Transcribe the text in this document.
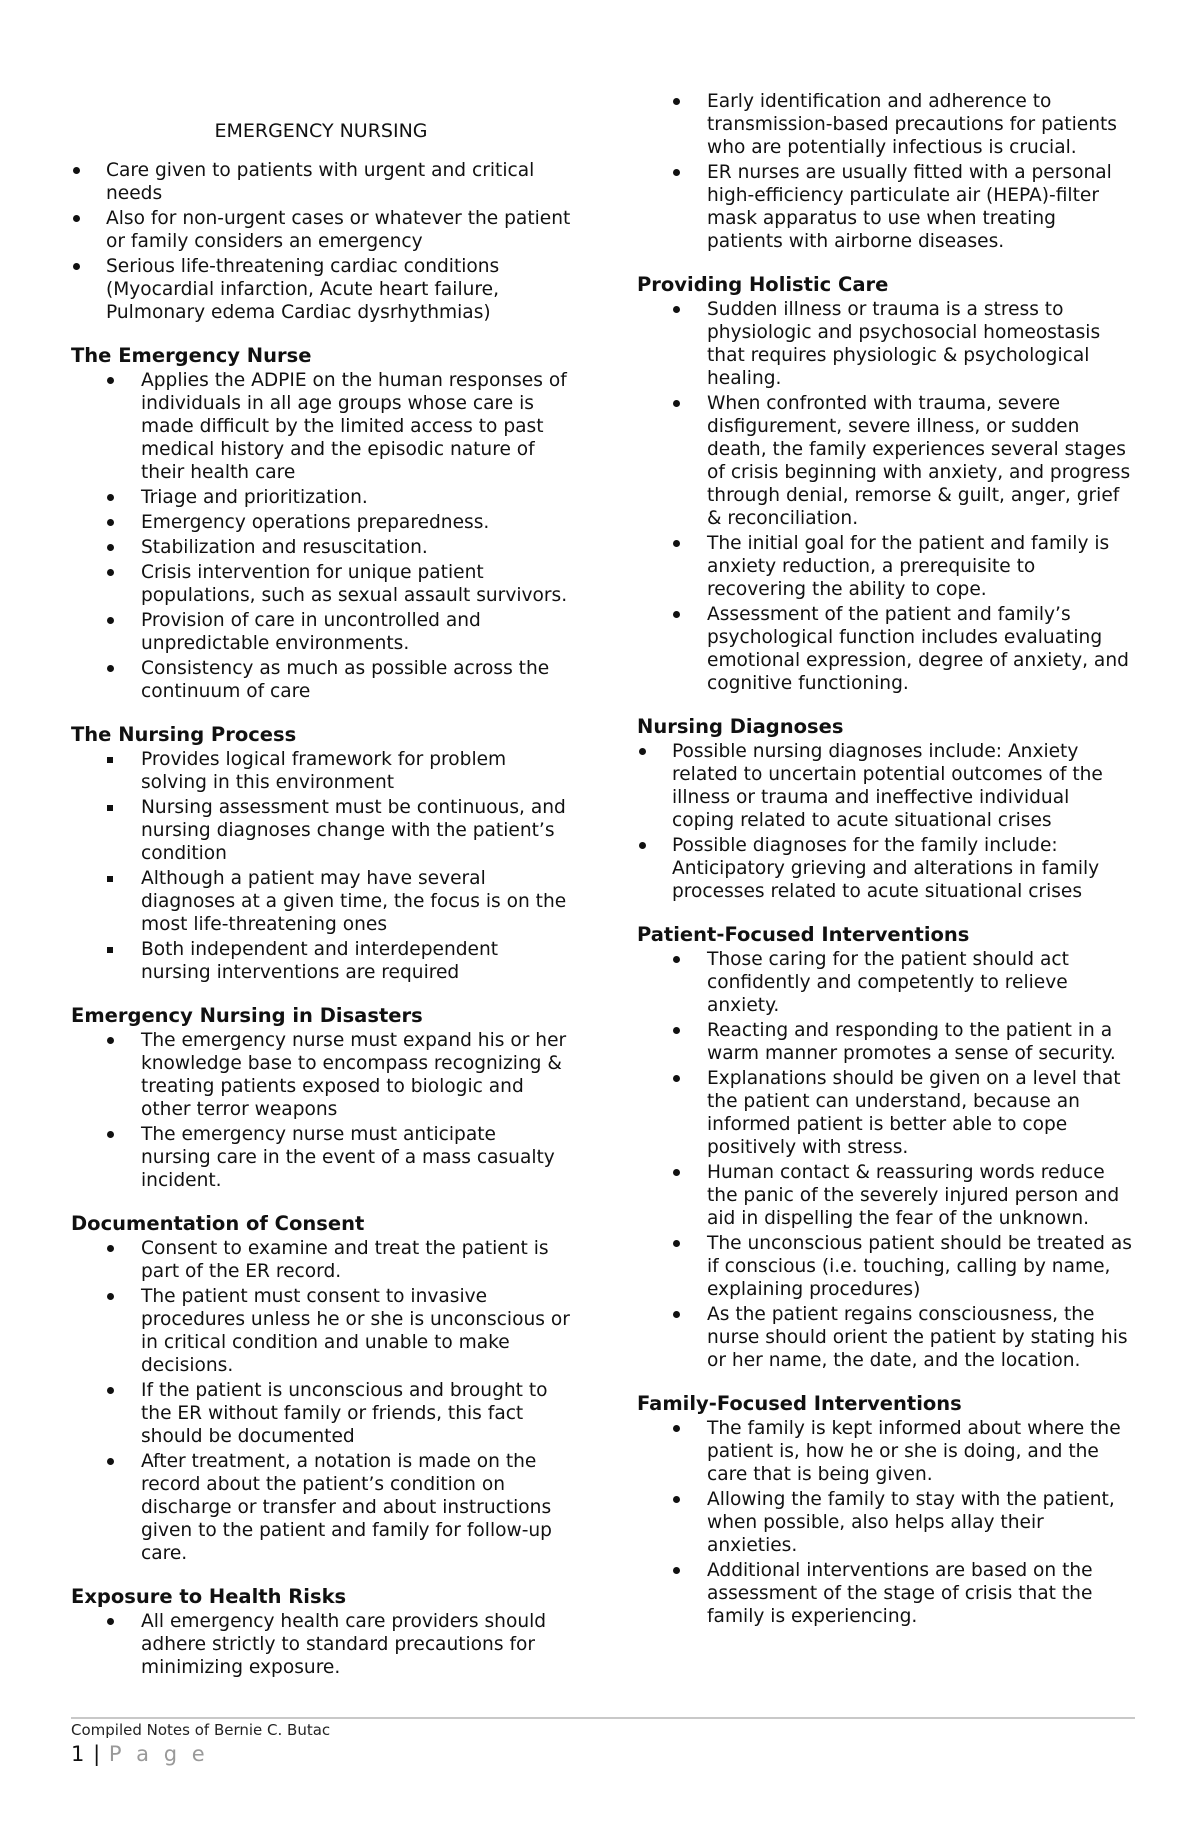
EMERGENCY NURSING
Care given to patients with urgent and critical needs
Also for non-urgent cases or whatever the patient or family considers an emergency
Serious life-threatening cardiac conditions (Myocardial infarction, Acute heart failure, Pulmonary edema Cardiac dysrhythmias)
The Emergency Nurse
Applies the ADPIE on the human responses of individuals in all age groups whose care is made difficult by the limited access to past medical history and the episodic nature of their health care
Triage and prioritization.
Emergency operations preparedness.
Stabilization and resuscitation.
Crisis intervention for unique patient populations, such as sexual assault survivors.
Provision of care in uncontrolled and unpredictable environments.
Consistency as much as possible across the continuum of care
The Nursing Process
Provides logical framework for problem solving in this environment
Nursing assessment must be continuous, and nursing diagnoses change with the patient’s condition
Although a patient may have several diagnoses at a given time, the focus is on the most life-threatening ones
Both independent and interdependent nursing interventions are required
Emergency Nursing in Disasters
The emergency nurse must expand his or her knowledge base to encompass recognizing & treating patients exposed to biologic and other terror weapons
The emergency nurse must anticipate nursing care in the event of a mass casualty incident.
Documentation of Consent
Consent to examine and treat the patient is part of the ER record.
The patient must consent to invasive procedures unless he or she is unconscious or in critical condition and unable to make decisions.
If the patient is unconscious and brought to the ER without family or friends, this fact should be documented
After treatment, a notation is made on the record about the patient’s condition on discharge or transfer and about instructions given to the patient and family for follow-up care.
Exposure to Health Risks
All emergency health care providers should adhere strictly to standard precautions for minimizing exposure.
Early identification and adherence to transmission-based precautions for patients who are potentially infectious is crucial.
ER nurses are usually fitted with a personal high-efficiency particulate air (HEPA)-filter mask apparatus to use when treating patients with airborne diseases.
Providing Holistic Care
Sudden illness or trauma is a stress to physiologic and psychosocial homeostasis that requires physiologic & psychological healing.
When confronted with trauma, severe disfigurement, severe illness, or sudden death, the family experiences several stages of crisis beginning with anxiety, and progress through denial, remorse & guilt, anger, grief & reconciliation.
The initial goal for the patient and family is anxiety reduction, a prerequisite to recovering the ability to cope.
Assessment of the patient and family’s psychological function includes evaluating emotional expression, degree of anxiety, and cognitive functioning.
Nursing Diagnoses
Possible nursing diagnoses include: Anxiety related to uncertain potential outcomes of the illness or trauma and ineffective individual coping related to acute situational crises
Possible diagnoses for the family include: Anticipatory grieving and alterations in family processes related to acute situational crises
Patient-Focused Interventions
Those caring for the patient should act confidently and competently to relieve anxiety.
Reacting and responding to the patient in a warm manner promotes a sense of security.
Explanations should be given on a level that the patient can understand, because an informed patient is better able to cope positively with stress.
Human contact & reassuring words reduce the panic of the severely injured person and aid in dispelling the fear of the unknown.
The unconscious patient should be treated as if conscious (i.e. touching, calling by name, explaining procedures)
As the patient regains consciousness, the nurse should orient the patient by stating his or her name, the date, and the location.
Family-Focused Interventions
The family is kept informed about where the patient is, how he or she is doing, and the care that is being given.
Allowing the family to stay with the patient, when possible, also helps allay their anxieties.
Additional interventions are based on the assessment of the stage of crisis that the family is experiencing.
Compiled Notes of Bernie C. Butac
1 | P a g e
